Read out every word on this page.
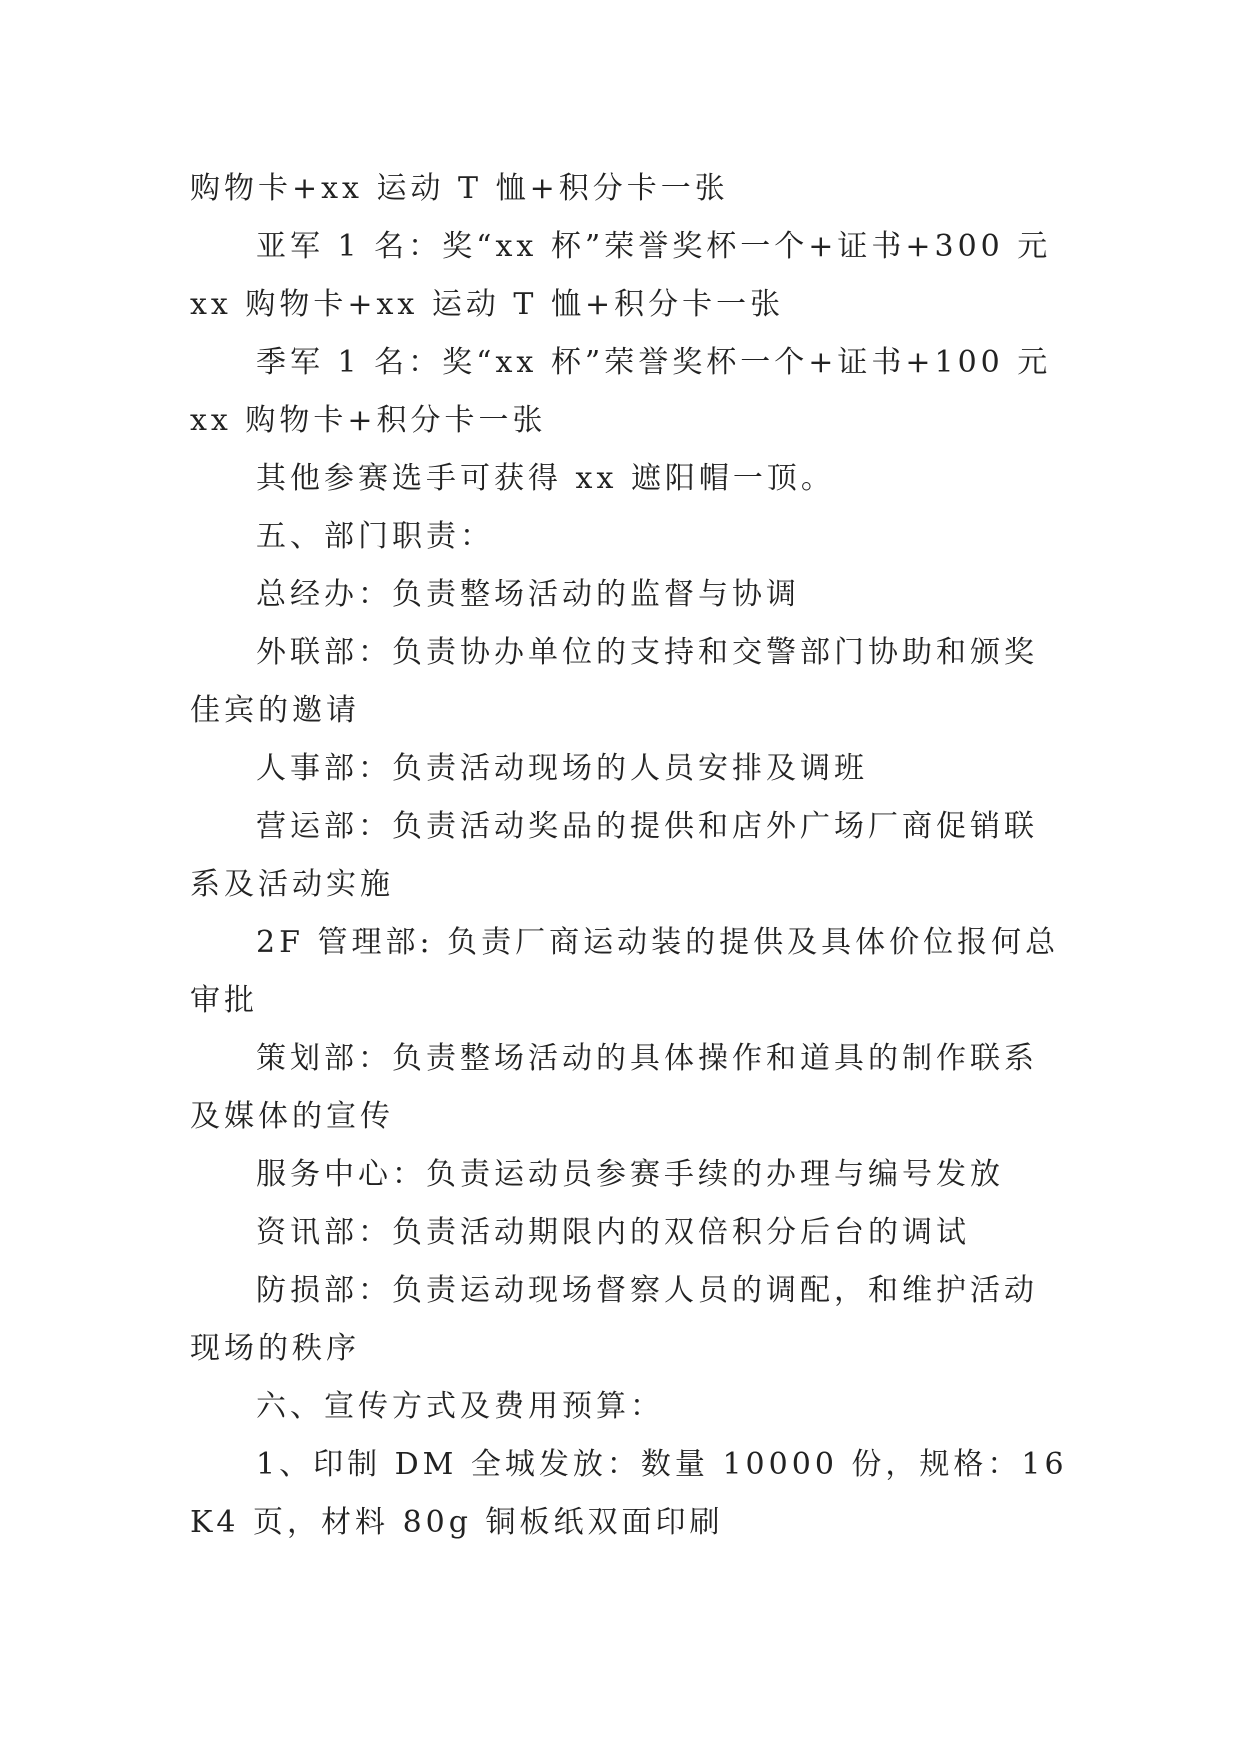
购物卡+xx 运动 T 恤+积分卡一张

亚军 1 名：奖“xx 杯”荣誉奖杯一个+证书+300 元 xx 购物卡+xx 运动 T 恤+积分卡一张

季军 1 名：奖“xx 杯”荣誉奖杯一个+证书+100 元 xx 购物卡+积分卡一张

其他参赛选手可获得 xx 遮阳帽一顶。

五、部门职责：

总经办：负责整场活动的监督与协调

外联部：负责协办单位的支持和交警部门协助和颁奖佳宾的邀请

人事部：负责活动现场的人员安排及调班

营运部：负责活动奖品的提供和店外广场厂商促销联系及活动实施

2F 管理部: 负责厂商运动装的提供及具体价位报何总审批

策划部：负责整场活动的具体操作和道具的制作联系及媒体的宣传

服务中心：负责运动员参赛手续的办理与编号发放

资讯部：负责活动期限内的双倍积分后台的调试

防损部：负责运动现场督察人员的调配，和维护活动现场的秩序

六、宣传方式及费用预算：

1、印制 DM 全城发放：数量 10000 份，规格：16K4 页，材料 80g 铜板纸双面印刷
